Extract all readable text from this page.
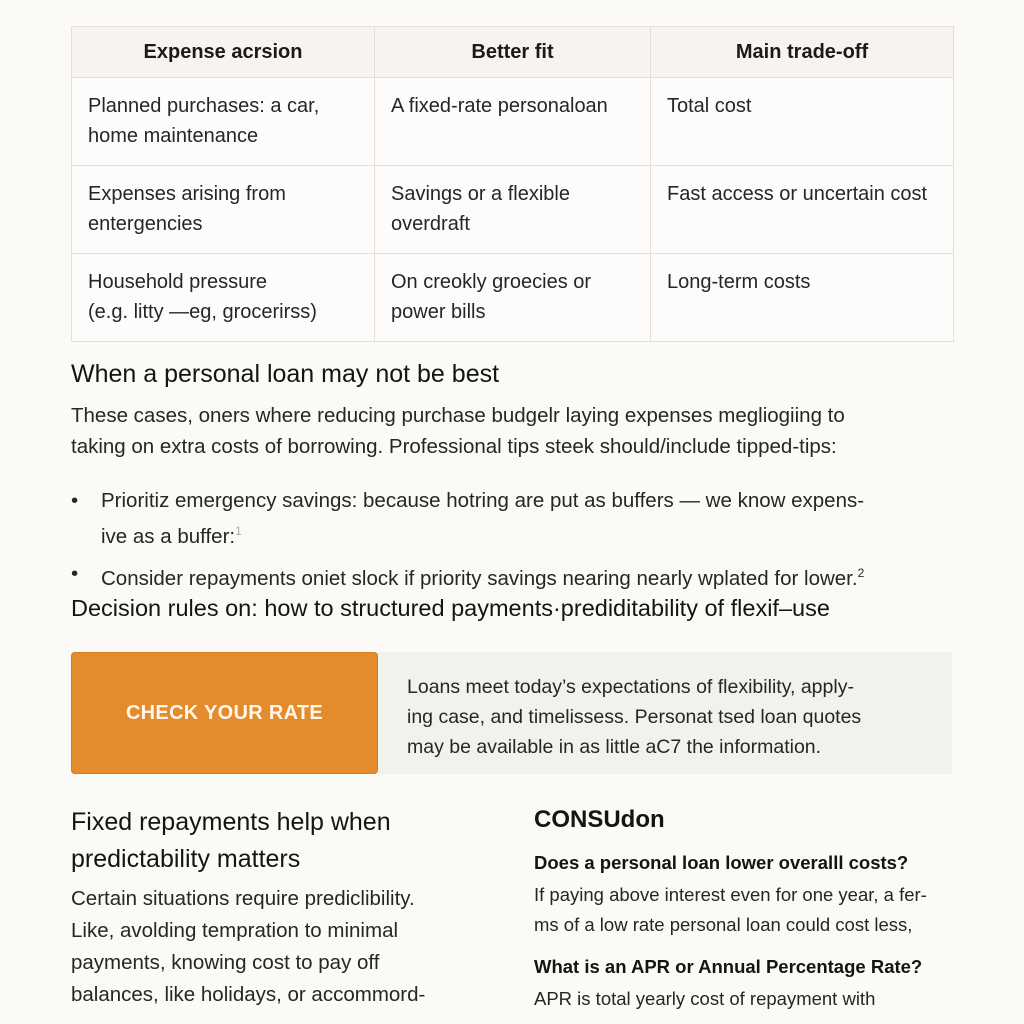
Expense acrsion	Better fit	Main trade-off

Planned purchases: a car,
home maintenance	A fixed-rate personaloan	Total cost

Expenses arising from
entergencies	Savings or a flexible
overdraft	Fast access or uncertain cost

Household pressure
(e.g. litty —eg, grocerirss)	On creokly groecies or
power bills	Long-term costs
When a personal loan may not be best
These cases, oners where reducing purchase budgelr laying expenses megliogiing to
taking on extra costs of borrowing. Professional tips steek should/include tipped-tips:
• Prioritiz emergency savings: because hotring are put as buffers — we know expens-
ive as a buffer:$^1$
• Consider repayments oniet slock if priority savings nearing nearly wplated for lower.$^2$
Decision rules on: how to structured payments·prediditability of flexif–use
CHECK YOUR RATE
Loans meet today’s expectations of flexibility, apply-
ing case, and timelissess. Personat tsed loan quotes
may be available in as little aC7 the information.
Fixed repayments help when
predictability matters
Certain situations require prediclibility.
Like, avolding tempration to minimal
payments, knowing cost to pay off
balances, like holidays, or accommord-
CONSUdon
Does a personal loan lower overalll costs?
If paying above interest even for one year, a fer-
ms of a low rate personal loan could cost less,
What is an APR or Annual Percentage Rate?
APR is total yearly cost of repayment with
